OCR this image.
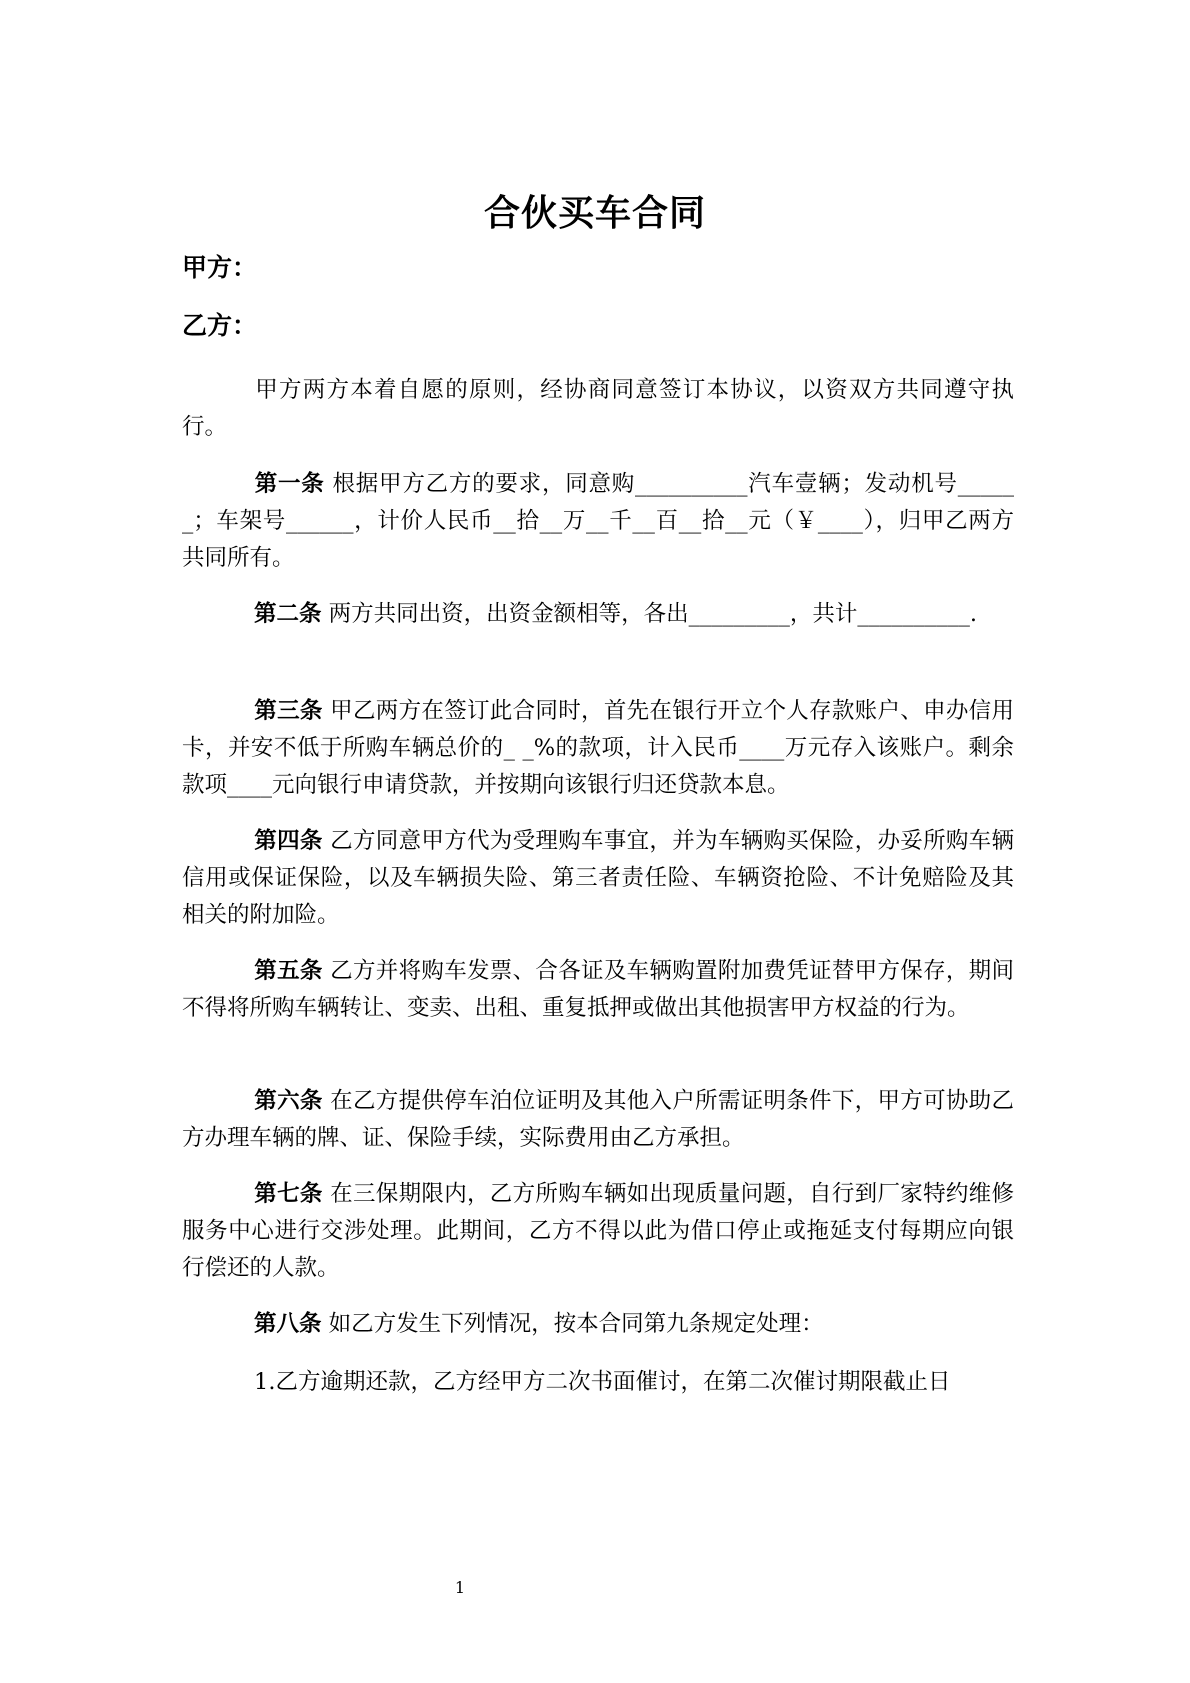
合伙买车合同
甲方：
乙方：

甲方两方本着自愿的原则，经协商同意签订本协议，以资双方共同遵守执行。

第一条 根据甲方乙方的要求，同意购__________汽车壹辆；发动机号______；车架号______，计价人民币__拾__万__千__百__拾__元（￥____），归甲乙两方共同所有。

第二条 两方共同出资，出资金额相等，各出_________，共计__________.

第三条 甲乙两方在签订此合同时，首先在银行开立个人存款账户、申办信用卡，并安不低于所购车辆总价的_ _%的款项，计入民币____万元存入该账户。剩余款项____元向银行申请贷款，并按期向该银行归还贷款本息。

第四条 乙方同意甲方代为受理购车事宜，并为车辆购买保险，办妥所购车辆信用或保证保险，以及车辆损失险、第三者责任险、车辆资抢险、不计免赔险及其相关的附加险。

第五条 乙方并将购车发票、合各证及车辆购置附加费凭证替甲方保存，期间不得将所购车辆转让、变卖、出租、重复抵押或做出其他损害甲方权益的行为。

第六条 在乙方提供停车泊位证明及其他入户所需证明条件下，甲方可协助乙方办理车辆的牌、证、保险手续，实际费用由乙方承担。

第七条 在三保期限内，乙方所购车辆如出现质量问题，自行到厂家特约维修服务中心进行交涉处理。此期间，乙方不得以此为借口停止或拖延支付每期应向银行偿还的人款。

第八条 如乙方发生下列情况，按本合同第九条规定处理：

1.乙方逾期还款，乙方经甲方二次书面催讨，在第二次催讨期限截止日

1
